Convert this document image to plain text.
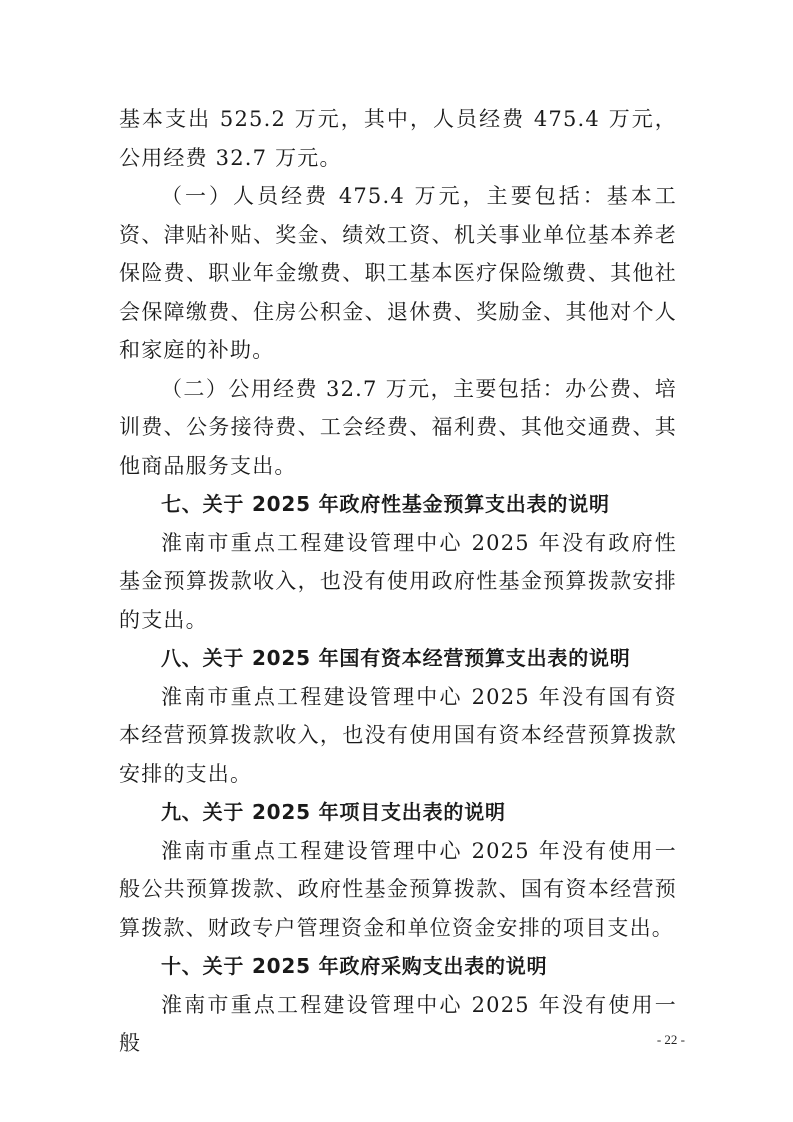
基本支出 525.2 万元，其中，人员经费 475.4 万元，公用经费 32.7 万元。

（一）人员经费 475.4 万元，主要包括：基本工资、津贴补贴、奖金、绩效工资、机关事业单位基本养老保险费、职业年金缴费、职工基本医疗保险缴费、其他社会保障缴费、住房公积金、退休费、奖励金、其他对个人和家庭的补助。

（二）公用经费 32.7 万元，主要包括：办公费、培训费、公务接待费、工会经费、福利费、其他交通费、其他商品服务支出。

七、关于 2025 年政府性基金预算支出表的说明

淮南市重点工程建设管理中心 2025 年没有政府性基金预算拨款收入，也没有使用政府性基金预算拨款安排的支出。

八、关于 2025 年国有资本经营预算支出表的说明

淮南市重点工程建设管理中心 2025 年没有国有资本经营预算拨款收入，也没有使用国有资本经营预算拨款安排的支出。

九、关于 2025 年项目支出表的说明

淮南市重点工程建设管理中心 2025 年没有使用一般公共预算拨款、政府性基金预算拨款、国有资本经营预算拨款、财政专户管理资金和单位资金安排的项目支出。

十、关于 2025 年政府采购支出表的说明

淮南市重点工程建设管理中心 2025 年没有使用一般	- 22 -
